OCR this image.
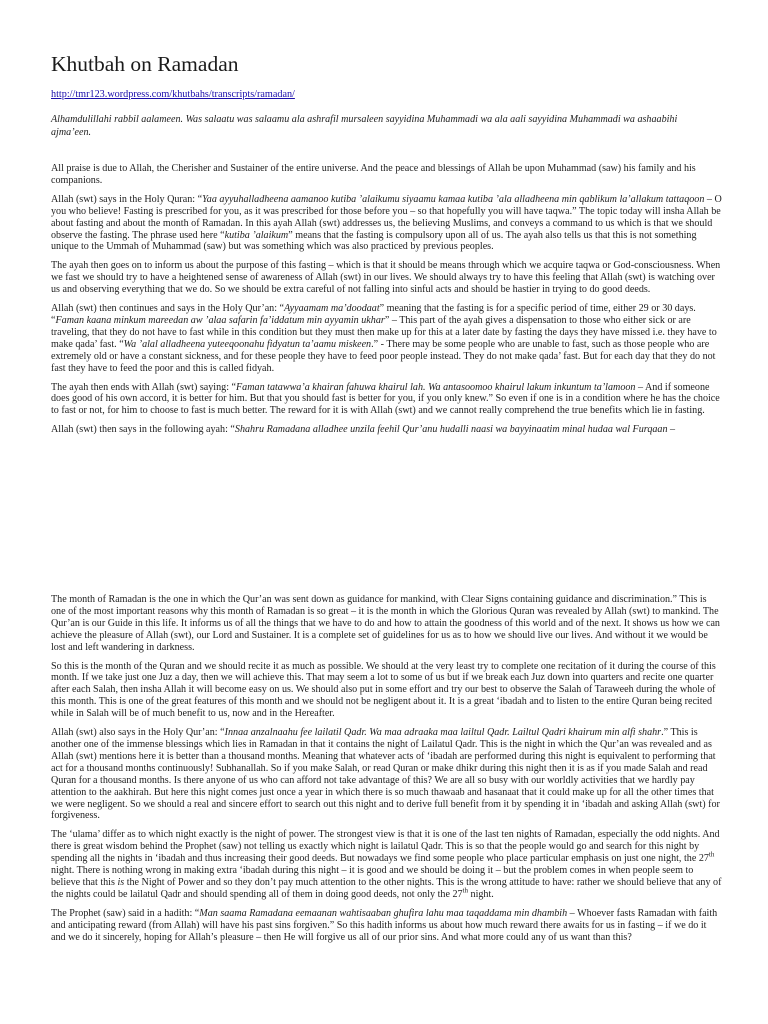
Khutbah on Ramadan
http://tmr123.wordpress.com/khutbahs/transcripts/ramadan/

Alhamdulillahi rabbil aalameen. Was salaatu was salaamu ala ashrafil mursaleen sayyidina Muhammadi wa ala aali sayyidina Muhammadi wa ashaabihi ajma’een.

All praise is due to Allah, the Cherisher and Sustainer of the entire universe. And the peace and blessings of Allah be upon Muhammad (saw) his family and his companions.

Allah (swt) says in the Holy Quran: “Yaa ayyuhalladheena aamanoo kutiba ’alaikumu siyaamu kamaa kutiba ’ala alladheena min qablikum la’allakum tattaqoon – O you who believe! Fasting is prescribed for you, as it was prescribed for those before you – so that hopefully you will have taqwa.” The topic today will insha Allah be about fasting and about the month of Ramadan. In this ayah Allah (swt) addresses us, the believing Muslims, and conveys a command to us which is that we should observe the fasting. The phrase used here “kutiba ’alaikum” means that the fasting is compulsory upon all of us. The ayah also tells us that this is not something unique to the Ummah of Muhammad (saw) but was something which was also practiced by previous peoples.

The ayah then goes on to inform us about the purpose of this fasting – which is that it should be means through which we acquire taqwa or God-consciousness. When we fast we should try to have a heightened sense of awareness of Allah (swt) in our lives. We should always try to have this feeling that Allah (swt) is watching over us and observing everything that we do. So we should be extra careful of not falling into sinful acts and should be hastier in trying to do good deeds.

Allah (swt) then continues and says in the Holy Qur’an: “Ayyaamam ma’doodaat” meaning that the fasting is for a specific period of time, either 29 or 30 days. “Faman kaana minkum mareedan aw ’alaa safarin fa’iddatum min ayyamin ukhar” – This part of the ayah gives a dispensation to those who either sick or are traveling, that they do not have to fast while in this condition but they must then make up for this at a later date by fasting the days they have missed i.e. they have to make qada’ fast. “Wa ’alal alladheena yuteeqoonahu fidyatun ta’aamu miskeen.” - There may be some people who are unable to fast, such as those people who are extremely old or have a constant sickness, and for these people they have to feed poor people instead. They do not make qada’ fast. But for each day that they do not fast they have to feed the poor and this is called fidyah.

The ayah then ends with Allah (swt) saying: “Faman tatawwa’a khairan fahuwa khairul lah. Wa antasoomoo khairul lakum inkuntum ta’lamoon – And if someone does good of his own accord, it is better for him. But that you should fast is better for you, if you only knew.” So even if one is in a condition where he has the choice to fast or not, for him to choose to fast is much better. The reward for it is with Allah (swt) and we cannot really comprehend the true benefits which lie in fasting.

Allah (swt) then says in the following ayah: “Shahru Ramadana alladhee unzila feehil Qur’anu hudalli naasi wa bayyinaatim minal hudaa wal Furqaan –

The month of Ramadan is the one in which the Qur’an was sent down as guidance for mankind, with Clear Signs containing guidance and discrimination.” This is one of the most important reasons why this month of Ramadan is so great – it is the month in which the Glorious Quran was revealed by Allah (swt) to mankind. The Qur’an is our Guide in this life. It informs us of all the things that we have to do and how to attain the goodness of this world and of the next. It shows us how we can achieve the pleasure of Allah (swt), our Lord and Sustainer. It is a complete set of guidelines for us as to how we should live our lives. And without it we would be lost and left wandering in darkness.

So this is the month of the Quran and we should recite it as much as possible. We should at the very least try to complete one recitation of it during the course of this month. If we take just one Juz a day, then we will achieve this. That may seem a lot to some of us but if we break each Juz down into quarters and recite one quarter after each Salah, then insha Allah it will become easy on us. We should also put in some effort and try our best to observe the Salah of Taraweeh during the whole of this month. This is one of the great features of this month and we should not be negligent about it. It is a great ‘ibadah and to listen to the entire Quran being recited while in Salah will be of much benefit to us, now and in the Hereafter.

Allah (swt) also says in the Holy Qur’an: “Innaa anzalnaahu fee lailatil Qadr. Wa maa adraaka maa lailtul Qadr. Lailtul Qadri khairum min alfi shahr.” This is another one of the immense blessings which lies in Ramadan in that it contains the night of Lailatul Qadr. This is the night in which the Qur’an was revealed and as Allah (swt) mentions here it is better than a thousand months. Meaning that whatever acts of ‘ibadah are performed during this night is equivalent to performing that act for a thousand months continuously! Subhanallah. So if you make Salah, or read Quran or make dhikr during this night then it is as if you made Salah and read Quran for a thousand months. Is there anyone of us who can afford not take advantage of this? We are all so busy with our worldly activities that we hardly pay attention to the aakhirah. But here this night comes just once a year in which there is so much thawaab and hasanaat that it could make up for all the other times that we were negligent. So we should a real and sincere effort to search out this night and to derive full benefit from it by spending it in ‘ibadah and asking Allah (swt) for forgiveness.

The ‘ulama’ differ as to which night exactly is the night of power. The strongest view is that it is one of the last ten nights of Ramadan, especially the odd nights. And there is great wisdom behind the Prophet (saw) not telling us exactly which night is lailatul Qadr. This is so that the people would go and search for this night by spending all the nights in ‘ibadah and thus increasing their good deeds. But nowadays we find some people who place particular emphasis on just one night, the 27th night. There is nothing wrong in making extra ‘ibadah during this night – it is good and we should be doing it – but the problem comes in when people seem to believe that this is the Night of Power and so they don’t pay much attention to the other nights. This is the wrong attitude to have: rather we should believe that any of the nights could be lailatul Qadr and should spending all of them in doing good deeds, not only the 27th night.

The Prophet (saw) said in a hadith: “Man saama Ramadana eemaanan wahtisaaban ghufira lahu maa taqaddama min dhambih – Whoever fasts Ramadan with faith and anticipating reward (from Allah) will have his past sins forgiven.” So this hadith informs us about how much reward there awaits for us in fasting – if we do it and we do it sincerely, hoping for Allah’s pleasure – then He will forgive us all of our prior sins. And what more could any of us want than this?
